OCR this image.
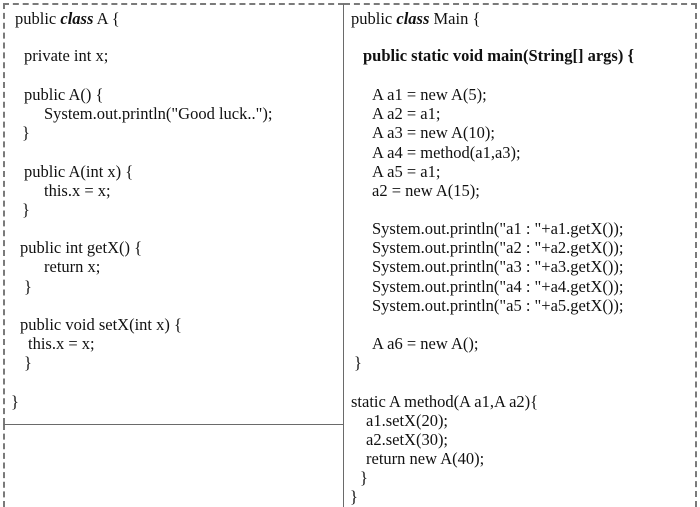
public class A {
private int x;
public A() {
System.out.println("Good luck..");
}
public A(int x) {
this.x = x;
}
public int getX() {
return x;
}
public void setX(int x) {
this.x = x;
}
}
public class Main {
public static void main(String[] args) {
A a1 = new A(5);
A a2 = a1;
A a3 = new A(10);
A a4 = method(a1,a3);
A a5 = a1;
a2 = new A(15);
System.out.println("a1 : "+a1.getX());
System.out.println("a2 : "+a2.getX());
System.out.println("a3 : "+a3.getX());
System.out.println("a4 : "+a4.getX());
System.out.println("a5 : "+a5.getX());
A a6 = new A();
}
static A method(A a1,A a2){
a1.setX(20);
a2.setX(30);
return new A(40);
}
}
